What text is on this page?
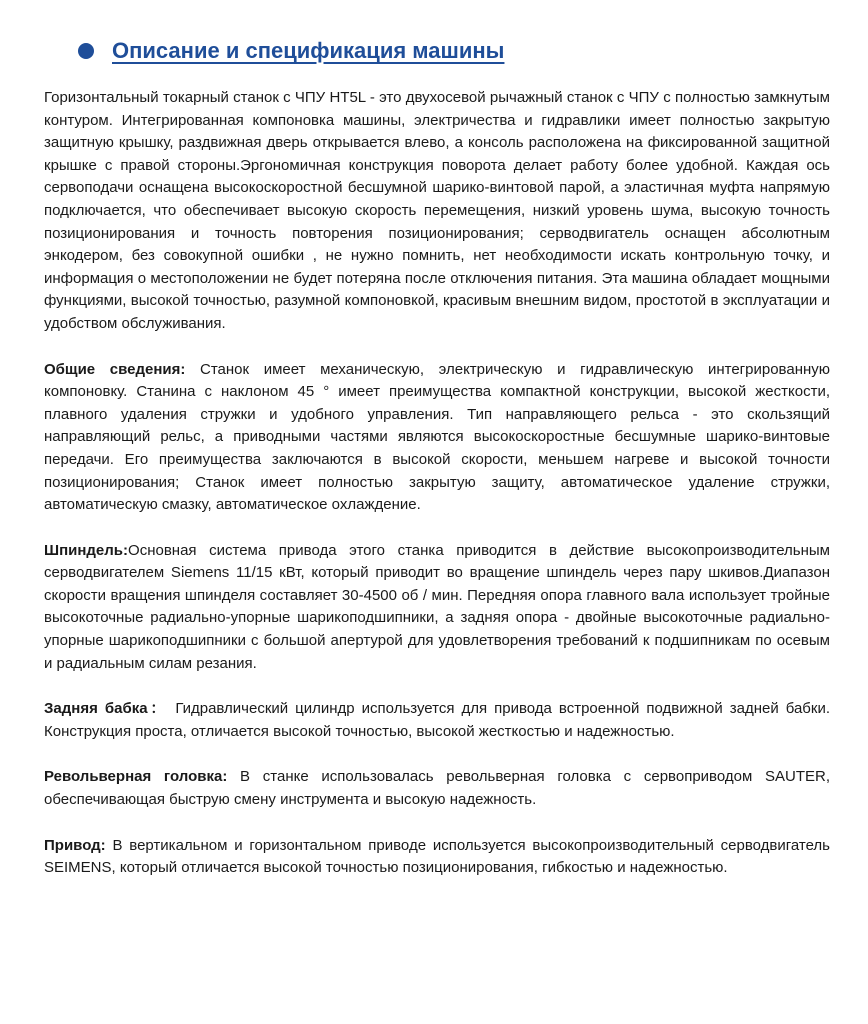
Описание и спецификация машины

Горизонтальный токарный станок с ЧПУ HT5L - это двухосевой рычажный станок с ЧПУ с полностью замкнутым контуром. Интегрированная компоновка машины, электричества и гидравлики имеет полностью закрытую защитную крышку, раздвижная дверь открывается влево, а консоль расположена на фиксированной защитной крышке с правой стороны.Эргономичная конструкция поворота делает работу более удобной. Каждая ось сервоподачи оснащена высокоскоростной бесшумной шарико-винтовой парой, а эластичная муфта напрямую подключается, что обеспечивает высокую скорость перемещения, низкий уровень шума, высокую точность позиционирования и точность повторения позиционирования; серводвигатель оснащен абсолютным энкодером, без совокупной ошибки , не нужно помнить, нет необходимости искать контрольную точку, и информация о местоположении не будет потеряна после отключения питания. Эта машина обладает мощными функциями, высокой точностью, разумной компоновкой, красивым внешним видом, простотой в эксплуатации и удобством обслуживания.

Общие сведения: Станок имеет механическую, электрическую и гидравлическую интегрированную компоновку. Станина с наклоном 45 ° имеет преимущества компактной конструкции, высокой жесткости, плавного удаления стружки и удобного управления. Тип направляющего рельса - это скользящий направляющий рельс, а приводными частями являются высокоскоростные бесшумные шарико-винтовые передачи. Его преимущества заключаются в высокой скорости, меньшем нагреве и высокой точности позиционирования; Станок имеет полностью закрытую защиту, автоматическое удаление стружки, автоматическую смазку, автоматическое охлаждение.

Шпиндель:Основная система привода этого станка приводится в действие высокопроизводительным серводвигателем Siemens 11/15 кВт, который приводит во вращение шпиндель через пару шкивов.Диапазон скорости вращения шпинделя составляет 30-4500 об / мин. Передняя опора главного вала использует тройные высокоточные радиально-упорные шарикоподшипники, а задняя опора - двойные высокоточные радиально-упорные шарикоподшипники с большой апертурой для удовлетворения требований к подшипникам по осевым и радиальным силам резания.

Задняя бабка： Гидравлический цилиндр используется для привода встроенной подвижной задней бабки. Конструкция проста, отличается высокой точностью, высокой жесткостью и надежностью.

Револьверная головка: В станке использовалась револьверная головка с сервоприводом SAUTER, обеспечивающая быструю смену инструмента и высокую надежность.

Привод: В вертикальном и горизонтальном приводе используется высокопроизводительный серводвигатель SEIMENS, который отличается высокой точностью позиционирования, гибкостью и надежностью.
